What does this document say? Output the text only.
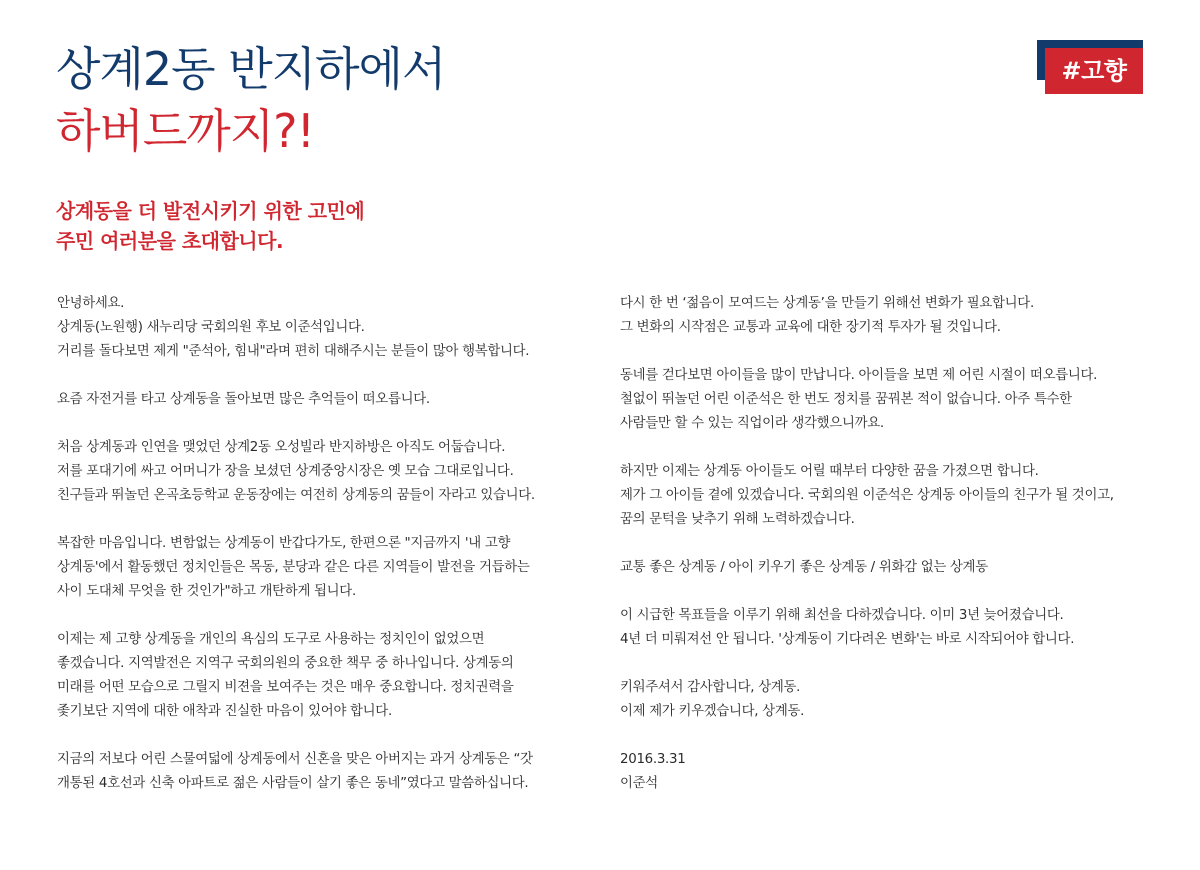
상계2동 반지하에서
하버드까지?!
#고향
상계동을 더 발전시키기 위한 고민에
주민 여러분을 초대합니다.

안녕하세요.
상계동(노원행) 새누리당 국회의원 후보 이준석입니다.
거리를 돌다보면 제게 "준석아, 힘내"라며 편히 대해주시는 분들이 많아 행복합니다.

요즘 자전거를 타고 상계동을 돌아보면 많은 추억들이 떠오릅니다.

처음 상계동과 인연을 맺었던 상계2동 오성빌라 반지하방은 아직도 어둡습니다.
저를 포대기에 싸고 어머니가 장을 보셨던 상계중앙시장은 옛 모습 그대로입니다.
친구들과 뛰놀던 온곡초등학교 운동장에는 여전히 상계동의 꿈들이 자라고 있습니다.

복잡한 마음입니다. 변함없는 상계동이 반갑다가도, 한편으론 "지금까지 '내 고향
상계동'에서 활동했던 정치인들은 목동, 분당과 같은 다른 지역들이 발전을 거듭하는
사이 도대체 무엇을 한 것인가"하고 개탄하게 됩니다.

이제는 제 고향 상계동을 개인의 욕심의 도구로 사용하는 정치인이 없었으면
좋겠습니다. 지역발전은 지역구 국회의원의 중요한 책무 중 하나입니다. 상계동의
미래를 어떤 모습으로 그릴지 비젼을 보여주는 것은 매우 중요합니다. 정치권력을
좇기보단 지역에 대한 애착과 진실한 마음이 있어야 합니다.

지금의 저보다 어린 스물여덟에 상계동에서 신혼을 맞은 아버지는 과거 상계동은 “갓
개통된 4호선과 신축 아파트로 젊은 사람들이 살기 좋은 동네”였다고 말씀하십니다.

다시 한 번 ‘젊음이 모여드는 상계동’을 만들기 위해선 변화가 필요합니다.
그 변화의 시작점은 교통과 교육에 대한 장기적 투자가 될 것입니다.

동네를 걷다보면 아이들을 많이 만납니다. 아이들을 보면 제 어린 시절이 떠오릅니다.
철없이 뛰놀던 어린 이준석은 한 번도 정치를 꿈꿔본 적이 없습니다. 아주 특수한
사람들만 할 수 있는 직업이라 생각했으니까요.

하지만 이제는 상계동 아이들도 어릴 때부터 다양한 꿈을 가졌으면 합니다.
제가 그 아이들 곁에 있겠습니다. 국회의원 이준석은 상계동 아이들의 친구가 될 것이고,
꿈의 문턱을 낮추기 위해 노력하겠습니다.

교통 좋은 상계동 / 아이 키우기 좋은 상계동 / 위화감 없는 상계동

이 시급한 목표들을 이루기 위해 최선을 다하겠습니다. 이미 3년 늦어졌습니다.
4년 더 미뤄져선 안 됩니다. '상계동이 기다려온 변화'는 바로 시작되어야 합니다.

키워주셔서 감사합니다, 상계동.
이제 제가 키우겠습니다, 상계동.

2016.3.31
이준석
